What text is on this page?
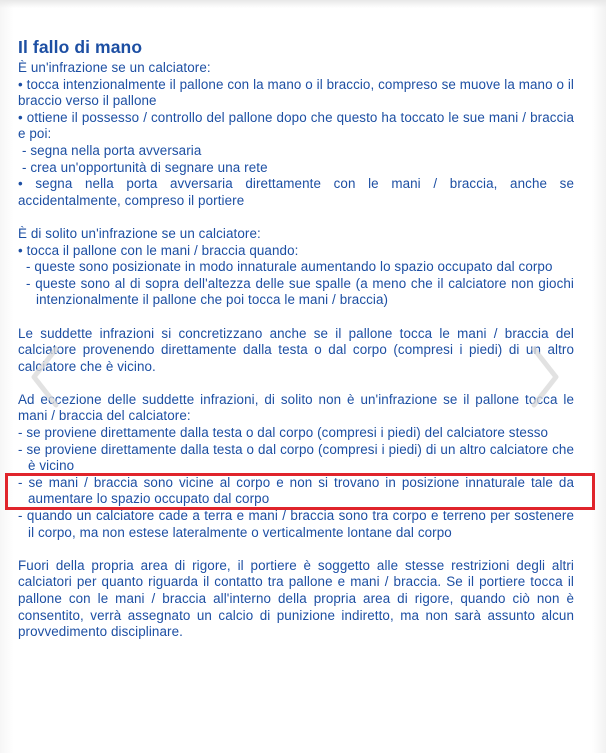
Il fallo di mano

È un'infrazione se un calciatore:

• tocca intenzionalmente il pallone con la mano o il braccio, compreso se muove la mano o il braccio verso il pallone

• ottiene il possesso / controllo del pallone dopo che questo ha toccato le sue mani / braccia e poi:

- segna nella porta avversaria

- crea un'opportunità di segnare una rete

• segna nella porta avversaria direttamente con le mani / braccia, anche se accidentalmente, compreso il portiere

È di solito un'infrazione se un calciatore:

• tocca il pallone con le mani / braccia quando:

- queste sono posizionate in modo innaturale aumentando lo spazio occupato dal corpo

- queste sono al di sopra dell'altezza delle sue spalle (a meno che il calciatore non giochi intenzionalmente il pallone che poi tocca le mani / braccia)

Le suddette infrazioni si concretizzano anche se il pallone tocca le mani / braccia del calciatore provenendo direttamente dalla testa o dal corpo (compresi i piedi) di un altro calciatore che è vicino.

Ad eccezione delle suddette infrazioni, di solito non è un'infrazione se il pallone tocca le mani / braccia del calciatore:

- se proviene direttamente dalla testa o dal corpo (compresi i piedi) del calciatore stesso

- se proviene direttamente dalla testa o dal corpo (compresi i piedi) di un altro calciatore che è vicino

- se mani / braccia sono vicine al corpo e non si trovano in posizione innaturale tale da aumentare lo spazio occupato dal corpo

- quando un calciatore cade a terra e mani / braccia sono tra corpo e terreno per sostenere il corpo, ma non estese lateralmente o verticalmente lontane dal corpo

Fuori della propria area di rigore, il portiere è soggetto alle stesse restrizioni degli altri calciatori per quanto riguarda il contatto tra pallone e mani / braccia. Se il portiere tocca il pallone con le mani / braccia all'interno della propria area di rigore, quando ciò non è consentito, verrà assegnato un calcio di punizione indiretto, ma non sarà assunto alcun provvedimento disciplinare.
